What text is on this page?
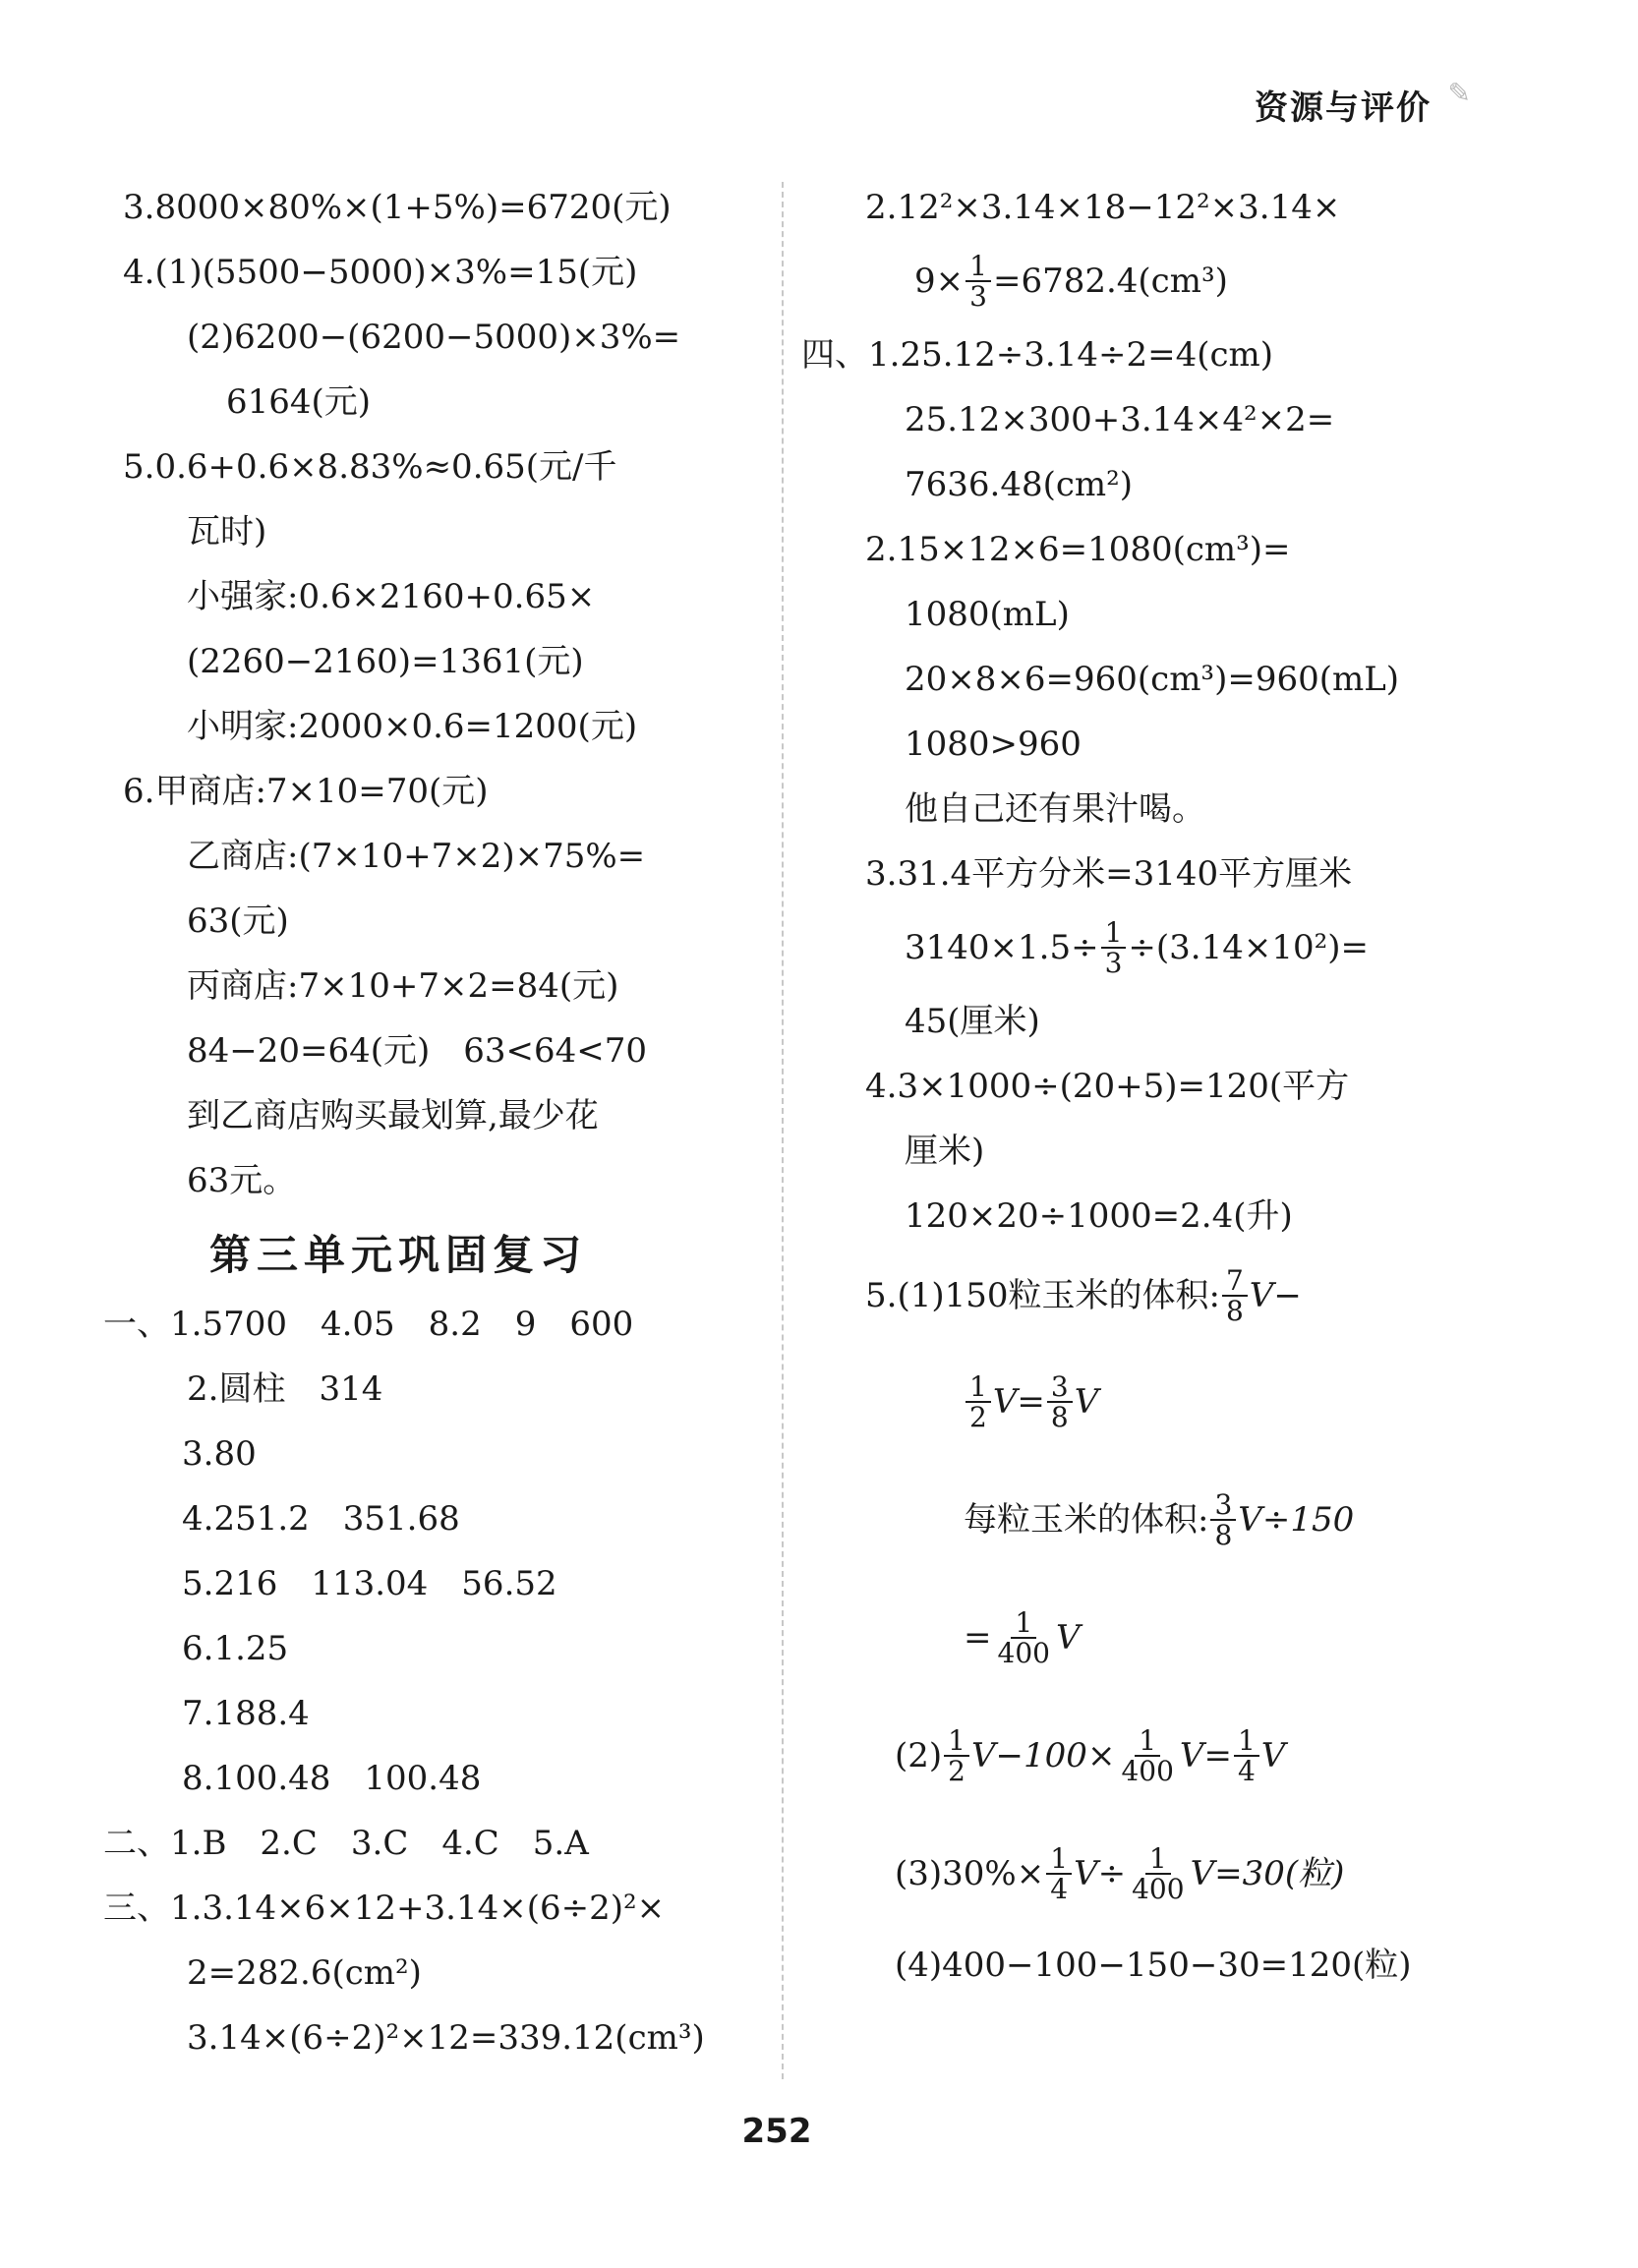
资源与评价 ✎
3.8000×80%×(1+5%)=6720(元)
4.(1)(5500−5000)×3%=15(元)
(2)6200−(6200−5000)×3%=
6164(元)
5.0.6+0.6×8.83%≈0.65(元/千
瓦时)
小强家:0.6×2160+0.65×
(2260−2160)=1361(元)
小明家:2000×0.6=1200(元)
6.甲商店:7×10=70(元)
乙商店:(7×10+7×2)×75%=
63(元)
丙商店:7×10+7×2=84(元)
84−20=64(元)　63<64<70
到乙商店购买最划算,最少花
63元。
第三单元巩固复习
一、1.5700　4.05　8.2　9　600
2.圆柱　314
3.80
4.251.2　351.68
5.216　113.04　56.52
6.1.25
7.188.4
8.100.48　100.48
二、1.B　2.C　3.C　4.C　5.A
三、1.3.14×6×12+3.14×(6÷2)²×
2=282.6(cm²)
3.14×(6÷2)²×12=339.12(cm³)
2.12²×3.14×18−12²×3.14×
$9\times \frac{1}{3} =6782.4(cm^3)$
四、1.25.12÷3.14÷2=4(cm)
25.12×300+3.14×4²×2=
7636.48(cm²)
2.15×12×6=1080(cm³)=
1080(mL)
20×8×6=960(cm³)=960(mL)
1080>960
他自己还有果汁喝。
3.31.4平方分米=3140平方厘米
$3140\times 1.5\div \frac{1}{3} \div(3.14\times 10^2)=$
45(厘米)
4.3×1000÷(20+5)=120(平方
厘米)
120×20÷1000=2.4(升)
5.(1)150粒玉米的体积: $\frac{7}{8} V-$
$\frac{1}{2} V= \frac{3}{8}$ V
每粒玉米的体积: $\frac{3}{8} V\div 150$
= $\frac{1}{400}$ V
$(2) \frac{1}{2} V-100\times \frac{1}{400} V= \frac{1}{4}$ V
$(3)30\%\times \frac{1}{4} V\div \frac{1}{400} V=30$(粒)
(4)400−100−150−30=120(粒)
252
